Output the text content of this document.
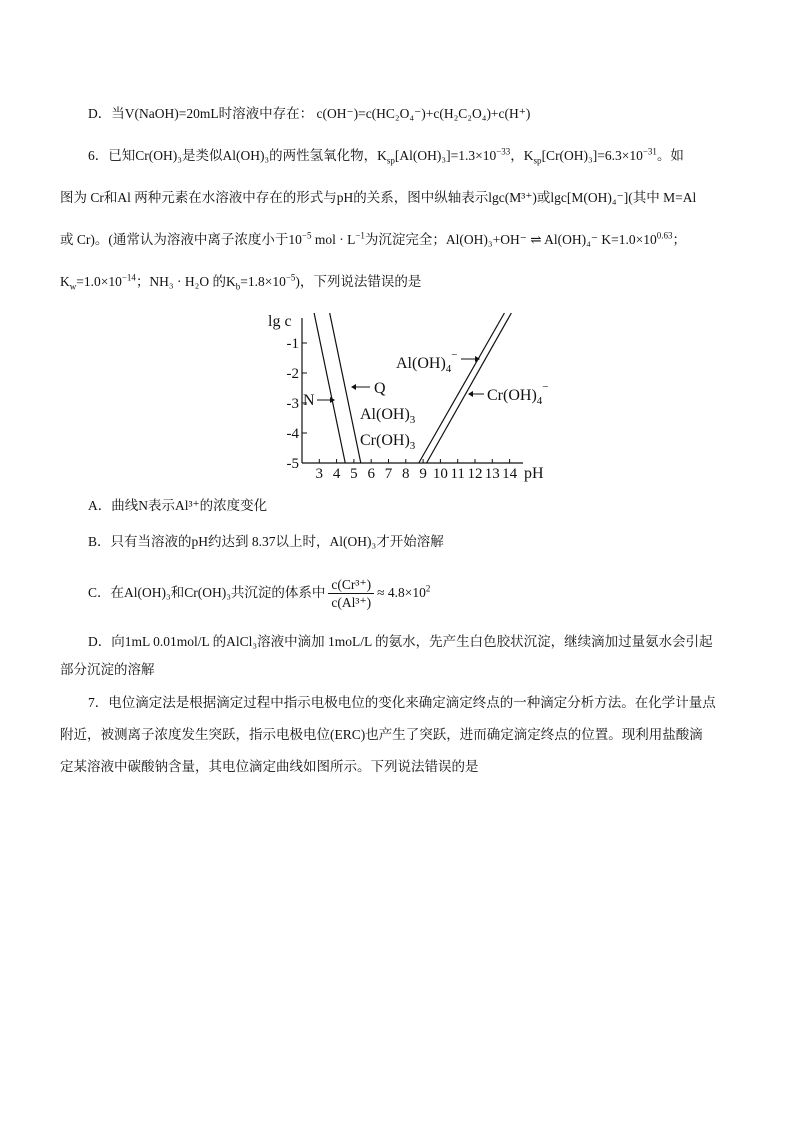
D．当V(NaOH)=20mL时溶液中存在： c(OH⁻)=c(HC₂O₄⁻)+c(H₂C₂O₄)+c(H⁺)
6．已知Cr(OH)₃是类似Al(OH)₃的两性氢氧化物，$K_{sp}[Al(OH)_3]=1.3\times 10^{-33}$，$K_{sp}[Cr(OH)_3]=6.3\times 10^{-31}$。如
图为 Cr和Al 两种元素在水溶液中存在的形式与pH的关系，图中纵轴表示lgc(M³⁺)或lgc[M(OH)₄⁻](其中 M=Al
或 Cr)。(通常认为溶液中离子浓度小于$10^{-5}$ mol · $L^{-1}$为沉淀完全；Al(OH)₃+OH⁻ ⇌ Al(OH)₄⁻ $K=1.0\times 10^{0.63}$；
$K_w=1.0\times 10^{-14}$；NH₃ · H₂O 的$K_b=1.8\times 10^{-5}$)，下列说法错误的是
lg c
pH
-1
-2
-3
-4
-5
3 4 5 6 7 8 9 10 11 12 13 14
N
Q
$Al(OH)_3$
$Cr(OH)_3$
$Al(OH)_4^-$
$Cr(OH)_4^-$
A．曲线N表示Al³⁺的浓度变化
B．只有当溶液的pH约达到 8.37以上时，Al(OH)₃才开始溶解
C．在Al(OH)₃和Cr(OH)₃共沉淀的体系中 $\frac{\text{c(Cr³⁺)}}{\text{c(Al³⁺)}} \approx 4.8\times 10^2$
D．向1mL 0.01mol/L 的AlCl₃溶液中滴加 1moL/L 的氨水，先产生白色胶状沉淀，继续滴加过量氨水会引起
部分沉淀的溶解
7．电位滴定法是根据滴定过程中指示电极电位的变化来确定滴定终点的一种滴定分析方法。在化学计量点
附近，被测离子浓度发生突跃，指示电极电位(ERC)也产生了突跃，进而确定滴定终点的位置。现利用盐酸滴
定某溶液中碳酸钠含量，其电位滴定曲线如图所示。下列说法错误的是
